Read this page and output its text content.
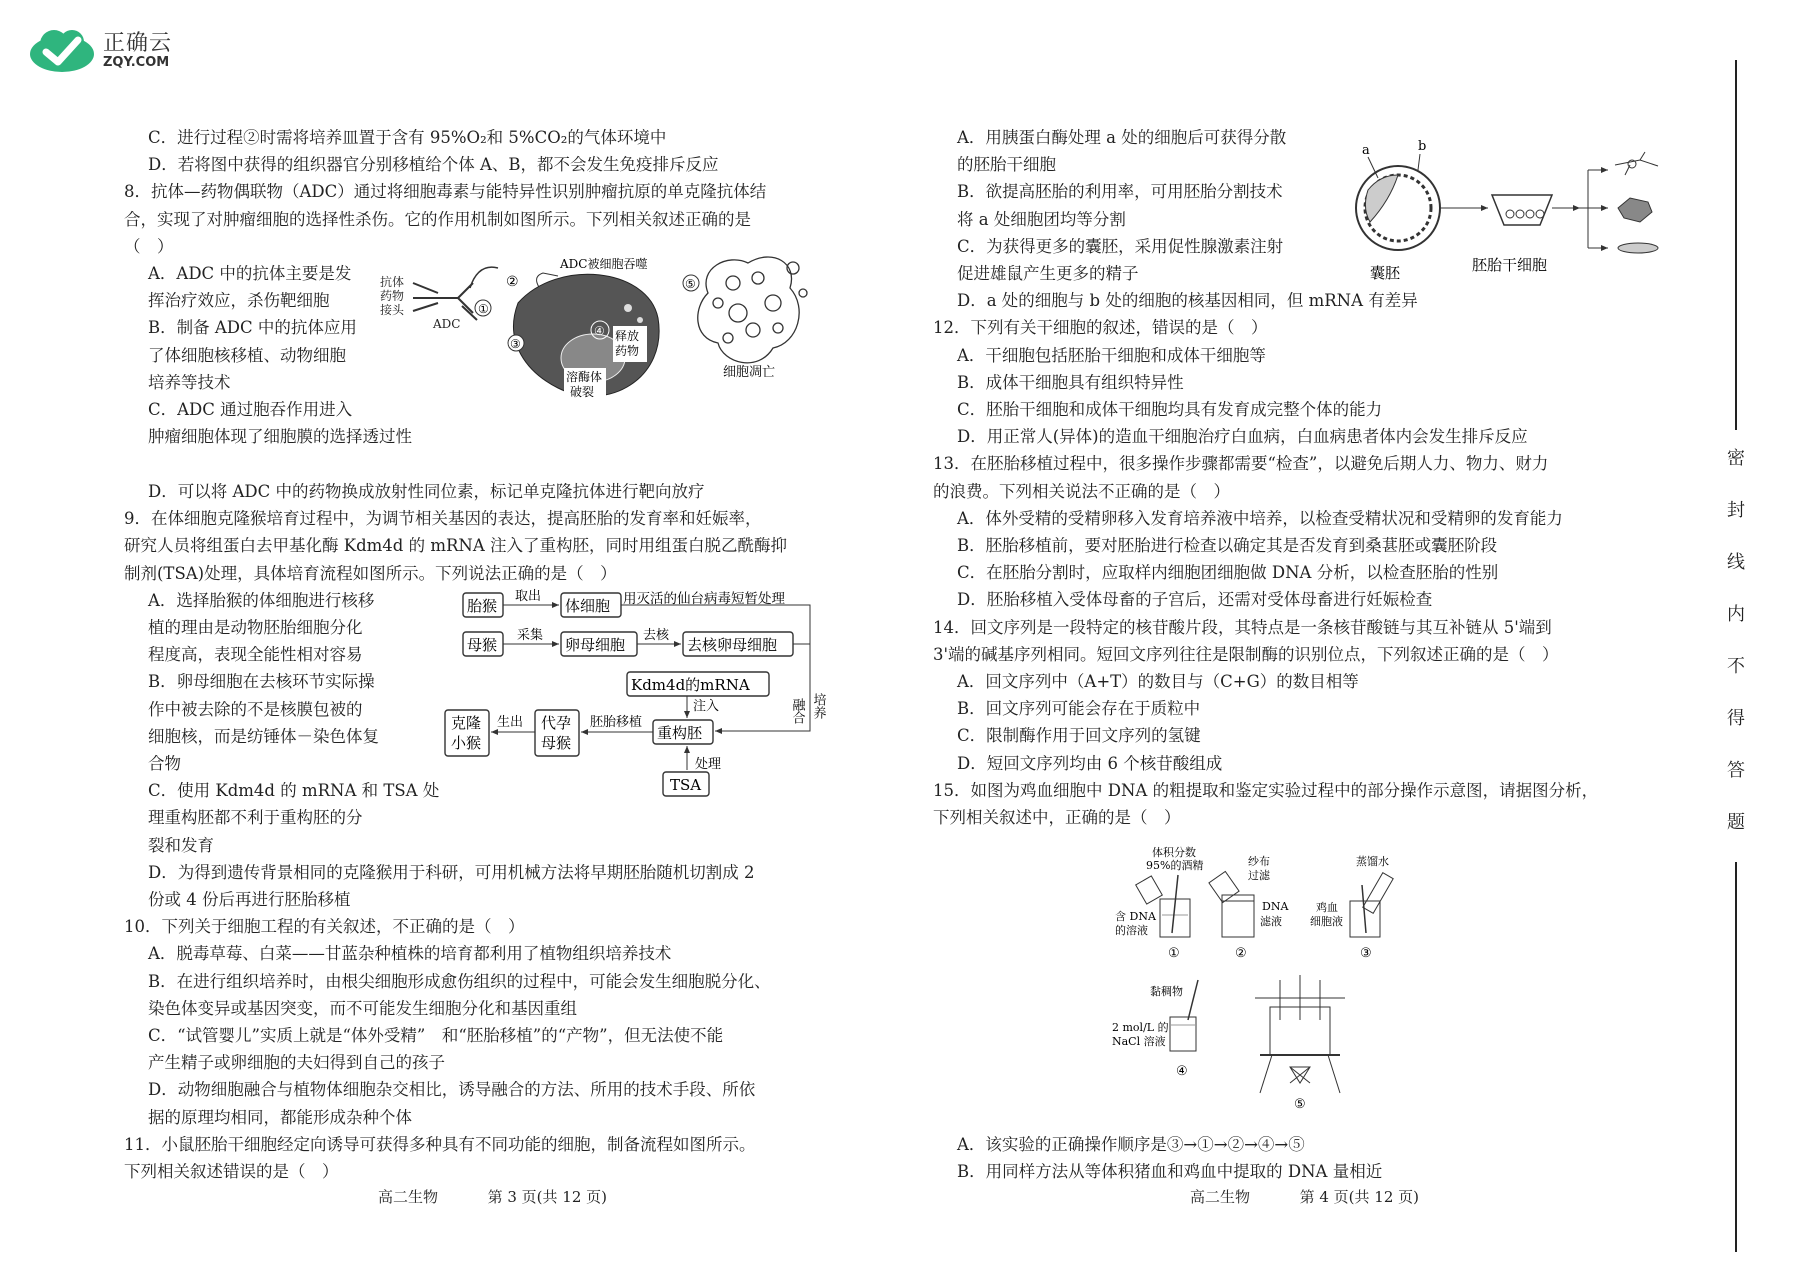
正确云
ZQY.COM
C．进行过程②时需将培养皿置于含有 95%O₂和 5%CO₂的气体环境中
D．若将图中获得的组织器官分别移植给个体 A、B，都不会发生免疫排斥反应
8．抗体—药物偶联物（ADC）通过将细胞毒素与能特异性识别肿瘤抗原的单克隆抗体结
合，实现了对肿瘤细胞的选择性杀伤。它的作用机制如图所示。下列相关叙述正确的是
（　）
A．ADC 中的抗体主要是发
挥治疗效应，杀伤靶细胞
B．制备 ADC 中的抗体应用
了体细胞核移植、动物细胞
培养等技术
C．ADC 通过胞吞作用进入
肿瘤细胞体现了细胞膜的选择透过性
D．可以将 ADC 中的药物换成放射性同位素，标记单克隆抗体进行靶向放疗
9．在体细胞克隆猴培育过程中，为调节相关基因的表达，提高胚胎的发育率和妊娠率，
研究人员将组蛋白去甲基化酶 Kdm4d 的 mRNA 注入了重构胚，同时用组蛋白脱乙酰酶抑
制剂(TSA)处理，具体培育流程如图所示。下列说法正确的是（　）
A．选择胎猴的体细胞进行核移
植的理由是动物胚胎细胞分化
程度高，表现全能性相对容易
B．卵母细胞在去核环节实际操
作中被去除的不是核膜包被的
细胞核，而是纺锤体－染色体复
合物
C．使用 Kdm4d 的 mRNA 和 TSA 处
理重构胚都不利于重构胚的分
裂和发育
D．为得到遗传背景相同的克隆猴用于科研，可用机械方法将早期胚胎随机切割成 2
份或 4 份后再进行胚胎移植
10．下列关于细胞工程的有关叙述，不正确的是（　）
A．脱毒草莓、白菜——甘蓝杂种植株的培育都利用了植物组织培养技术
B．在进行组织培养时，由根尖细胞形成愈伤组织的过程中，可能会发生细胞脱分化、
染色体变异或基因突变，而不可能发生细胞分化和基因重组
C．“试管婴儿”实质上就是“体外受精”　和“胚胎移植”的“产物”，但无法使不能
产生精子或卵细胞的夫妇得到自己的孩子
D．动物细胞融合与植物体细胞杂交相比，诱导融合的方法、所用的技术手段、所依
据的原理均相同，都能形成杂种个体
11．小鼠胚胎干细胞经定向诱导可获得多种具有不同功能的细胞，制备流程如图所示。
下列相关叙述错误的是（　）
A．用胰蛋白酶处理 a 处的细胞后可获得分散
的胚胎干细胞
B．欲提高胚胎的利用率，可用胚胎分割技术
将 a 处细胞团均等分割
C．为获得更多的囊胚，采用促性腺激素注射
促进雄鼠产生更多的精子
D．a 处的细胞与 b 处的细胞的核基因相同，但 mRNA 有差异
12．下列有关干细胞的叙述，错误的是（　）
A．干细胞包括胚胎干细胞和成体干细胞等
B．成体干细胞具有组织特异性
C．胚胎干细胞和成体干细胞均具有发育成完整个体的能力
D．用正常人(异体)的造血干细胞治疗白血病，白血病患者体内会发生排斥反应
13．在胚胎移植过程中，很多操作步骤都需要“检查”，以避免后期人力、物力、财力
的浪费。下列相关说法不正确的是（　）
A．体外受精的受精卵移入发育培养液中培养，以检查受精状况和受精卵的发育能力
B．胚胎移植前，要对胚胎进行检查以确定其是否发育到桑葚胚或囊胚阶段
C．在胚胎分割时，应取样内细胞团细胞做 DNA 分析，以检查胚胎的性别
D．胚胎移植入受体母畜的子宫后，还需对受体母畜进行妊娠检查
14．回文序列是一段特定的核苷酸片段，其特点是一条核苷酸链与其互补链从 5'端到
3'端的碱基序列相同。短回文序列往往是限制酶的识别位点，下列叙述正确的是（　）
A．回文序列中（A+T）的数目与（C+G）的数目相等
B．回文序列可能会存在于质粒中
C．限制酶作用于回文序列的氢键
D．短回文序列均由 6 个核苷酸组成
15．如图为鸡血细胞中 DNA 的粗提取和鉴定实验过程中的部分操作示意图，请据图分析，
下列相关叙述中，正确的是（　）
A．该实验的正确操作顺序是③→①→②→④→⑤
B．用同样方法从等体积猪血和鸡血中提取的 DNA 量相近
抗体
药物
接头
ADC
①
②
ADC被细胞吞噬
④
③
释放
药物
溶酶体
破裂
⑤
细胞凋亡
胎猴
取出
体细胞 用灭活的仙台病毒短暂处理
母猴
采集
卵母细胞
去核
去核卵母细胞
融合 培养
Kdm4d的mRNA
注入
重构胚
胚胎移植
代孕
母猴
生出
克隆
小猴
处理
TSA
a	b
囊胚	胚胎干细胞
体积分数
95%的酒精
含 DNA
的溶液
①
纱布
过滤
DNA
滤液
②
蒸馏水
鸡血
细胞液
③
黏稠物
2 mol/L 的
NaCl 溶液
④
⑤
高二生物	第 3 页(共 12 页)	高二生物	第 4 页(共 12 页)
密
封
线
内
不
得
答
题
